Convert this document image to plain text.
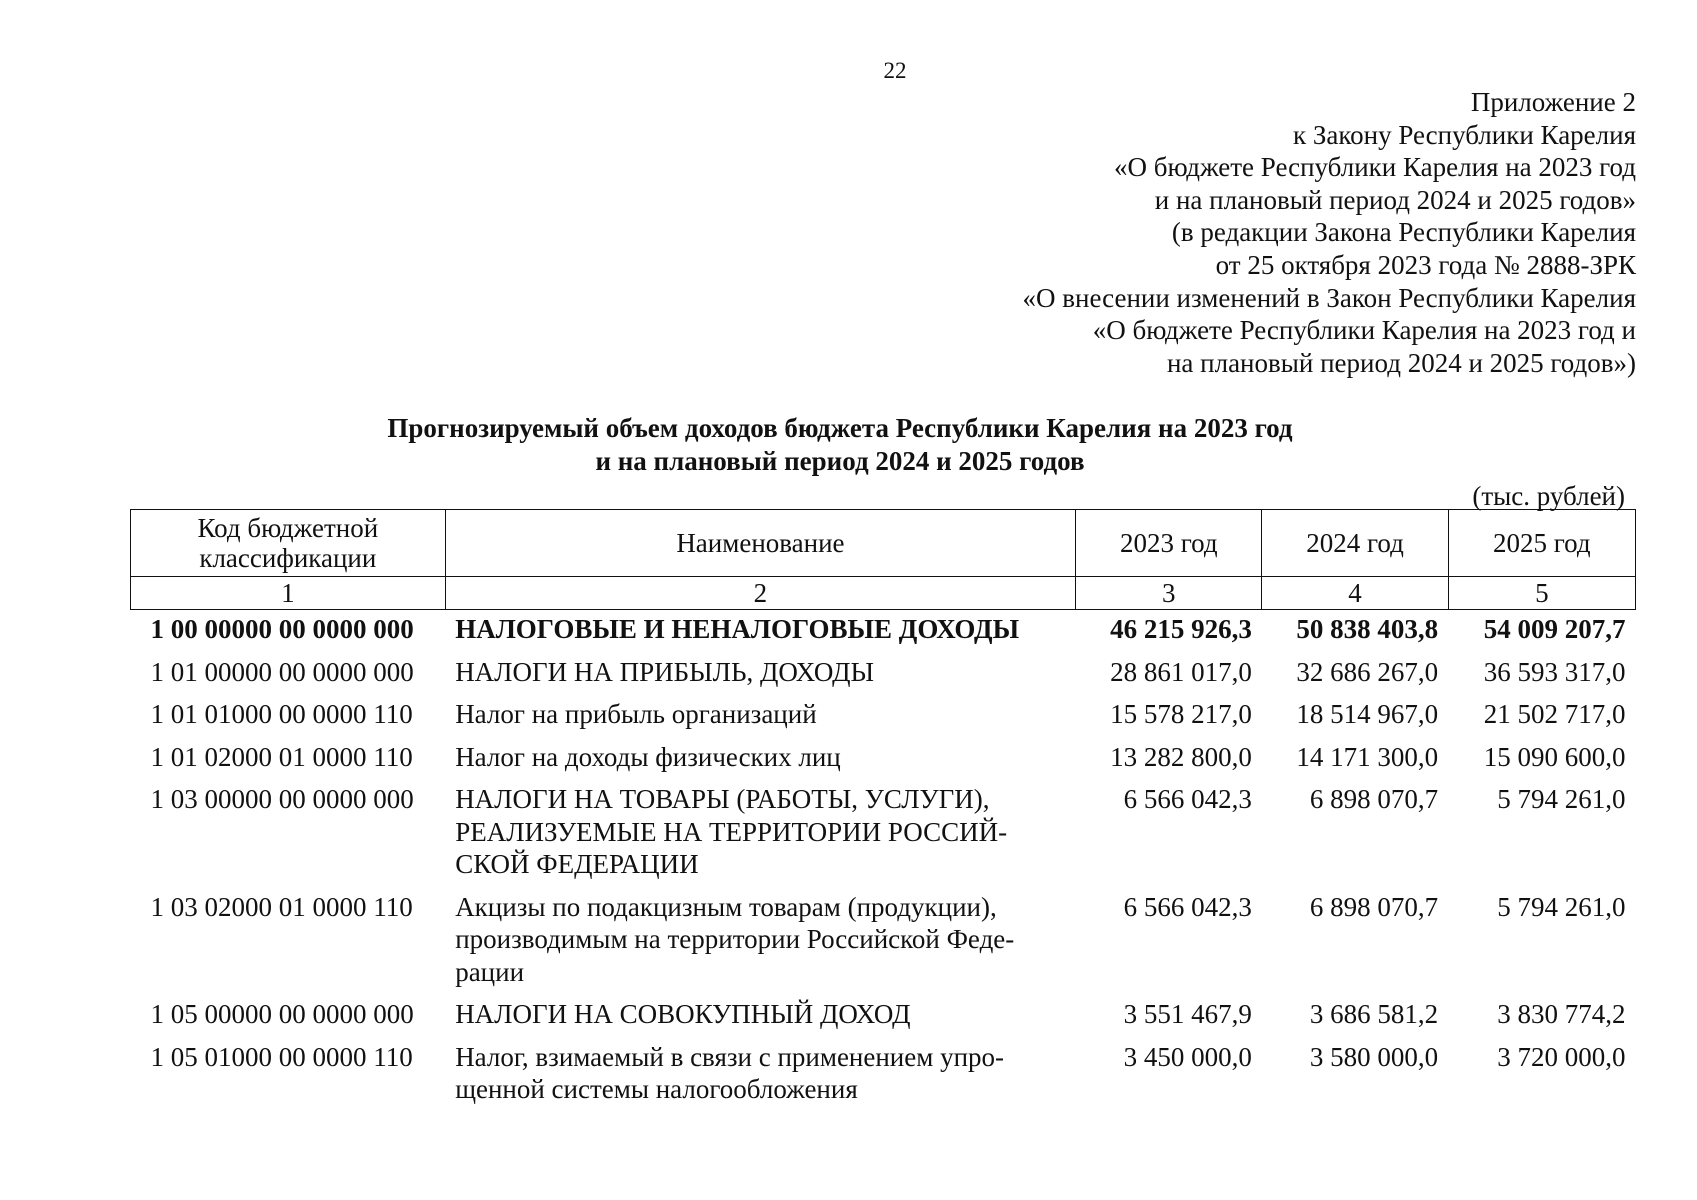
22
Приложение 2
к Закону Республики Карелия
«О бюджете Республики Карелия на 2023 год
и на плановый период 2024 и 2025 годов»
(в редакции Закона Республики Карелия
от 25 октября 2023 года № 2888-ЗРК
«О внесении изменений в Закон Республики Карелия
«О бюджете Республики Карелия на 2023 год и
на плановый период 2024 и 2025 годов»)
Прогнозируемый объем доходов бюджета Республики Карелия на 2023 год
и на плановый период 2024 и 2025 годов
(тыс. рублей)
Код бюджетной классификации	Наименование	2023 год	2024 год	2025 год
1	2	3	4	5
1 00 00000 00 0000 000	НАЛОГОВЫЕ И НЕНАЛОГОВЫЕ ДОХОДЫ	46 215 926,3	50 838 403,8	54 009 207,7
1 01 00000 00 0000 000	НАЛОГИ НА ПРИБЫЛЬ, ДОХОДЫ	28 861 017,0	32 686 267,0	36 593 317,0
1 01 01000 00 0000 110	Налог на прибыль организаций	15 578 217,0	18 514 967,0	21 502 717,0
1 01 02000 01 0000 110	Налог на доходы физических лиц	13 282 800,0	14 171 300,0	15 090 600,0
1 03 00000 00 0000 000	НАЛОГИ НА ТОВАРЫ (РАБОТЫ, УСЛУГИ), РЕАЛИЗУЕМЫЕ НА ТЕРРИТОРИИ РОССИЙ-СКОЙ ФЕДЕРАЦИИ	6 566 042,3	6 898 070,7	5 794 261,0
1 03 02000 01 0000 110	Акцизы по подакцизным товарам (продукции), производимым на территории Российской Феде-рации	6 566 042,3	6 898 070,7	5 794 261,0
1 05 00000 00 0000 000	НАЛОГИ НА СОВОКУПНЫЙ ДОХОД	3 551 467,9	3 686 581,2	3 830 774,2
1 05 01000 00 0000 110	Налог, взимаемый в связи с применением упро-щенной системы налогообложения	3 450 000,0	3 580 000,0	3 720 000,0
